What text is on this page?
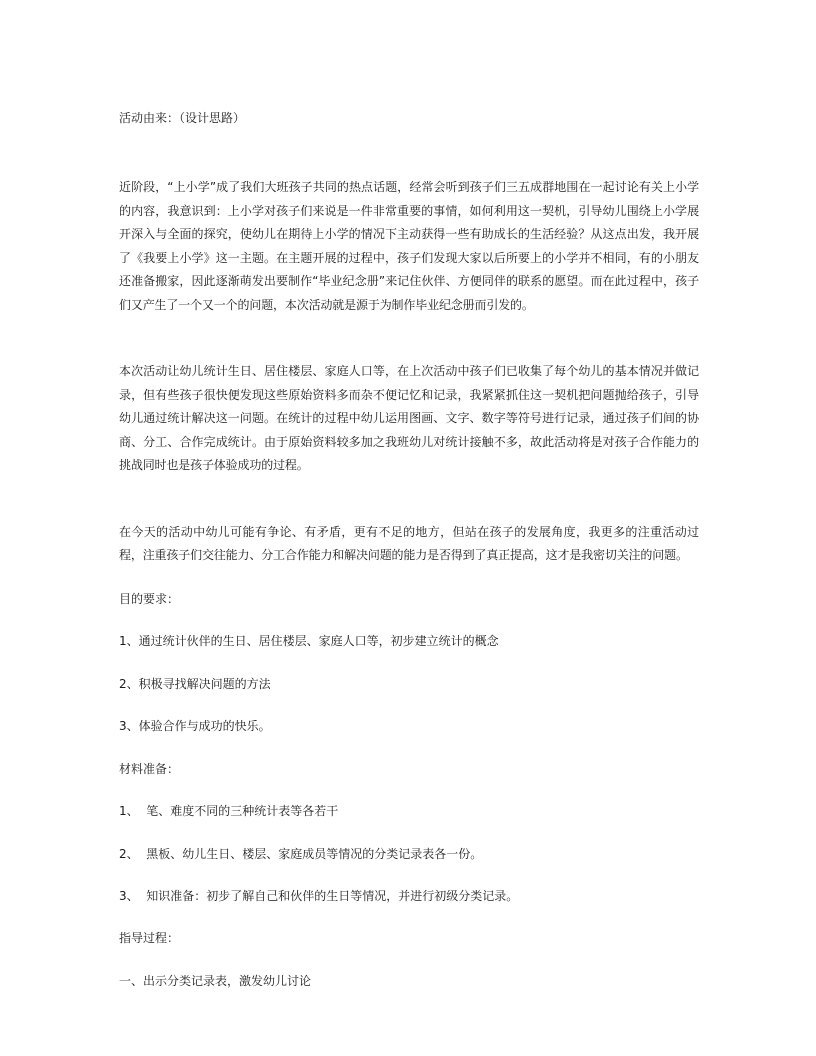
活动由来：（设计思路）

近阶段，“上小学”成了我们大班孩子共同的热点话题，经常会听到孩子们三五成群地围在一起讨论有关上小学的内容，我意识到：上小学对孩子们来说是一件非常重要的事情，如何利用这一契机，引导幼儿围绕上小学展开深入与全面的探究，使幼儿在期待上小学的情况下主动获得一些有助成长的生活经验？从这点出发，我开展了《我要上小学》这一主题。在主题开展的过程中，孩子们发现大家以后所要上的小学并不相同，有的小朋友还准备搬家，因此逐渐萌发出要制作“毕业纪念册”来记住伙伴、方便同伴的联系的愿望。而在此过程中，孩子们又产生了一个又一个的问题，本次活动就是源于为制作毕业纪念册而引发的。

本次活动让幼儿统计生日、居住楼层、家庭人口等，在上次活动中孩子们已收集了每个幼儿的基本情况并做记录，但有些孩子很快便发现这些原始资料多而杂不便记忆和记录，我紧紧抓住这一契机把问题抛给孩子，引导幼儿通过统计解决这一问题。在统计的过程中幼儿运用图画、文字、数字等符号进行记录，通过孩子们间的协商、分工、合作完成统计。由于原始资料较多加之我班幼儿对统计接触不多，故此活动将是对孩子合作能力的挑战同时也是孩子体验成功的过程。

在今天的活动中幼儿可能有争论、有矛盾，更有不足的地方，但站在孩子的发展角度，我更多的注重活动过程，注重孩子们交往能力、分工合作能力和解决问题的能力是否得到了真正提高，这才是我密切关注的问题。

目的要求：

1、通过统计伙伴的生日、居住楼层、家庭人口等，初步建立统计的概念

2、积极寻找解决问题的方法

3、体验合作与成功的快乐。

材料准备：

1、  笔、难度不同的三种统计表等各若干

2、  黑板、幼儿生日、楼层、家庭成员等情况的分类记录表各一份。

3、  知识准备：初步了解自己和伙伴的生日等情况，并进行初级分类记录。

指导过程：

一、出示分类记录表，激发幼儿讨论
